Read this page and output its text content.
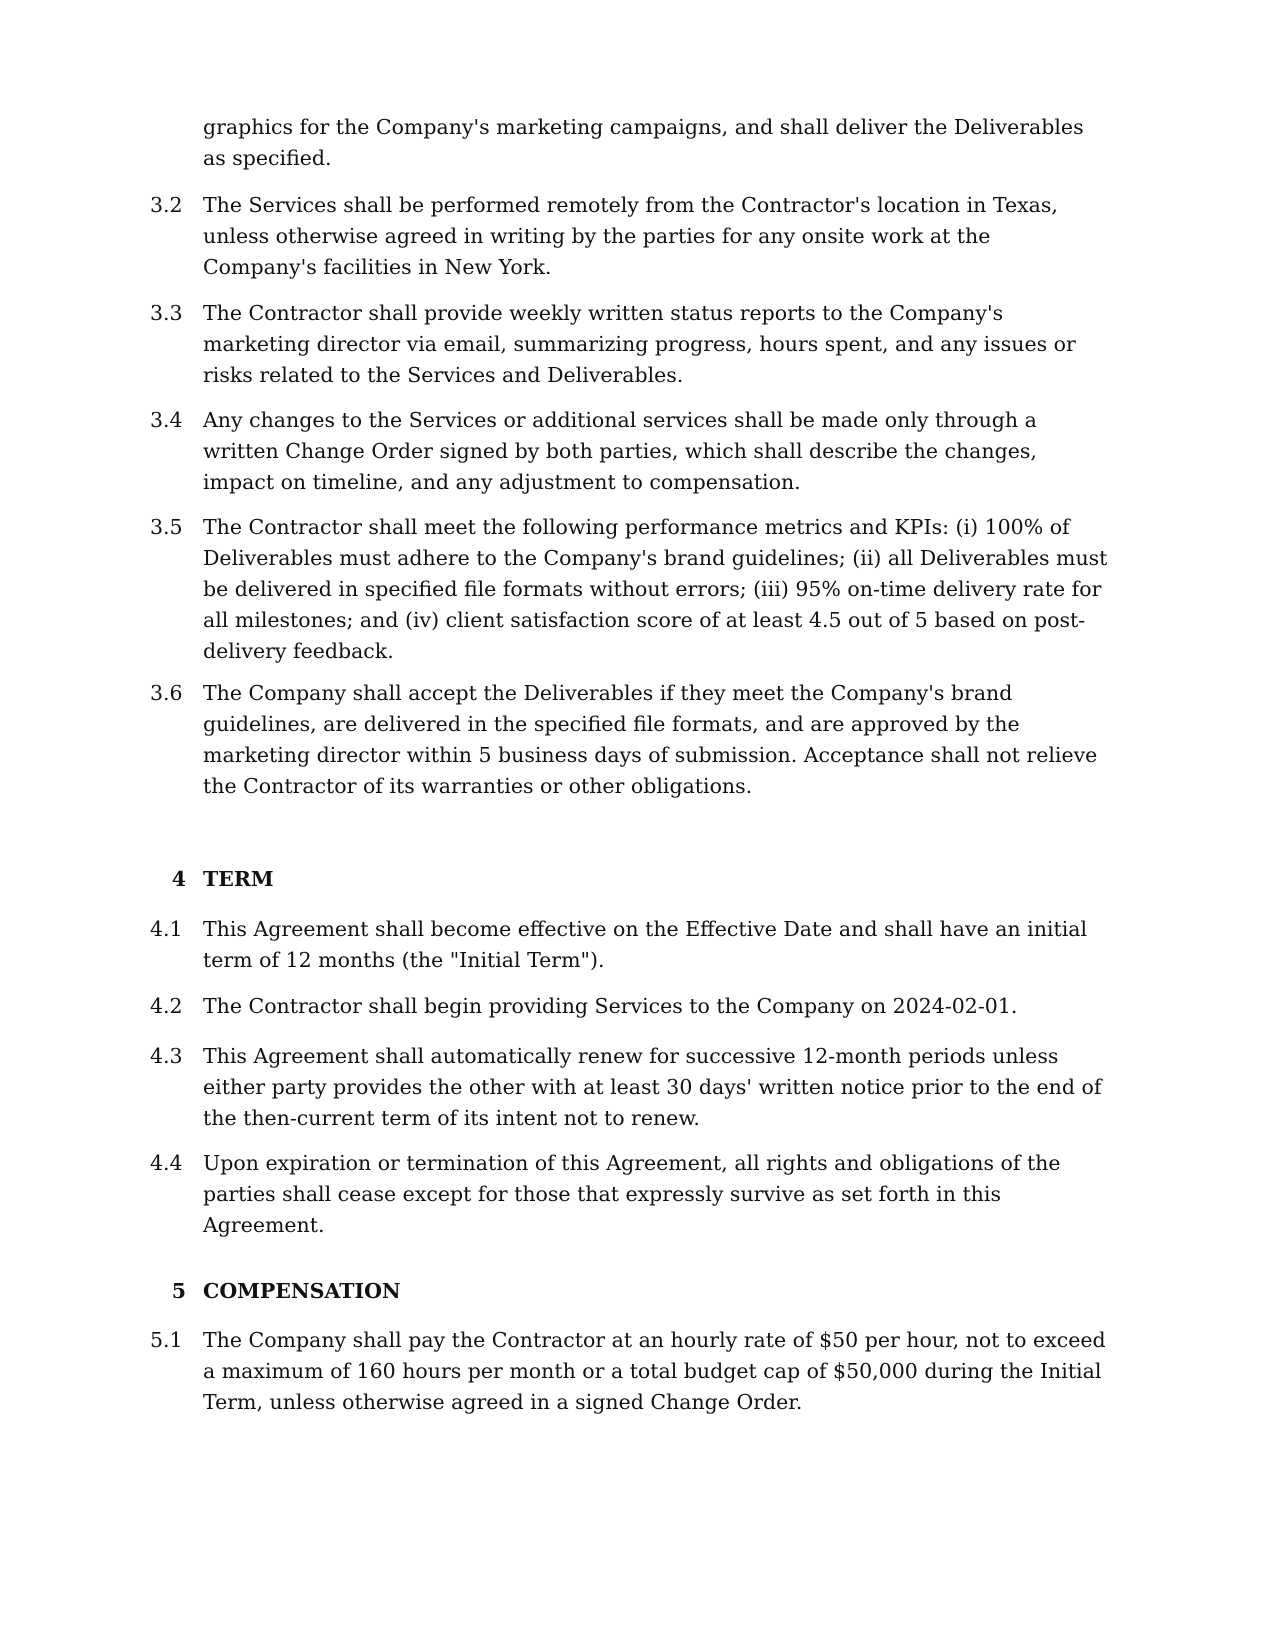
graphics for the Company's marketing campaigns, and shall deliver the Deliverables as specified.
3.2 The Services shall be performed remotely from the Contractor's location in Texas, unless otherwise agreed in writing by the parties for any onsite work at the Company's facilities in New York.
3.3 The Contractor shall provide weekly written status reports to the Company's marketing director via email, summarizing progress, hours spent, and any issues or risks related to the Services and Deliverables.
3.4 Any changes to the Services or additional services shall be made only through a written Change Order signed by both parties, which shall describe the changes, impact on timeline, and any adjustment to compensation.
3.5 The Contractor shall meet the following performance metrics and KPIs: (i) 100% of Deliverables must adhere to the Company's brand guidelines; (ii) all Deliverables must be delivered in specified file formats without errors; (iii) 95% on-time delivery rate for all milestones; and (iv) client satisfaction score of at least 4.5 out of 5 based on post-delivery feedback.
3.6 The Company shall accept the Deliverables if they meet the Company's brand guidelines, are delivered in the specified file formats, and are approved by the marketing director within 5 business days of submission. Acceptance shall not relieve the Contractor of its warranties or other obligations.
4 TERM
4.1 This Agreement shall become effective on the Effective Date and shall have an initial term of 12 months (the "Initial Term").
4.2 The Contractor shall begin providing Services to the Company on 2024-02-01.
4.3 This Agreement shall automatically renew for successive 12-month periods unless either party provides the other with at least 30 days' written notice prior to the end of the then-current term of its intent not to renew.
4.4 Upon expiration or termination of this Agreement, all rights and obligations of the parties shall cease except for those that expressly survive as set forth in this Agreement.
5 COMPENSATION
5.1 The Company shall pay the Contractor at an hourly rate of $50 per hour, not to exceed a maximum of 160 hours per month or a total budget cap of $50,000 during the Initial Term, unless otherwise agreed in a signed Change Order.
